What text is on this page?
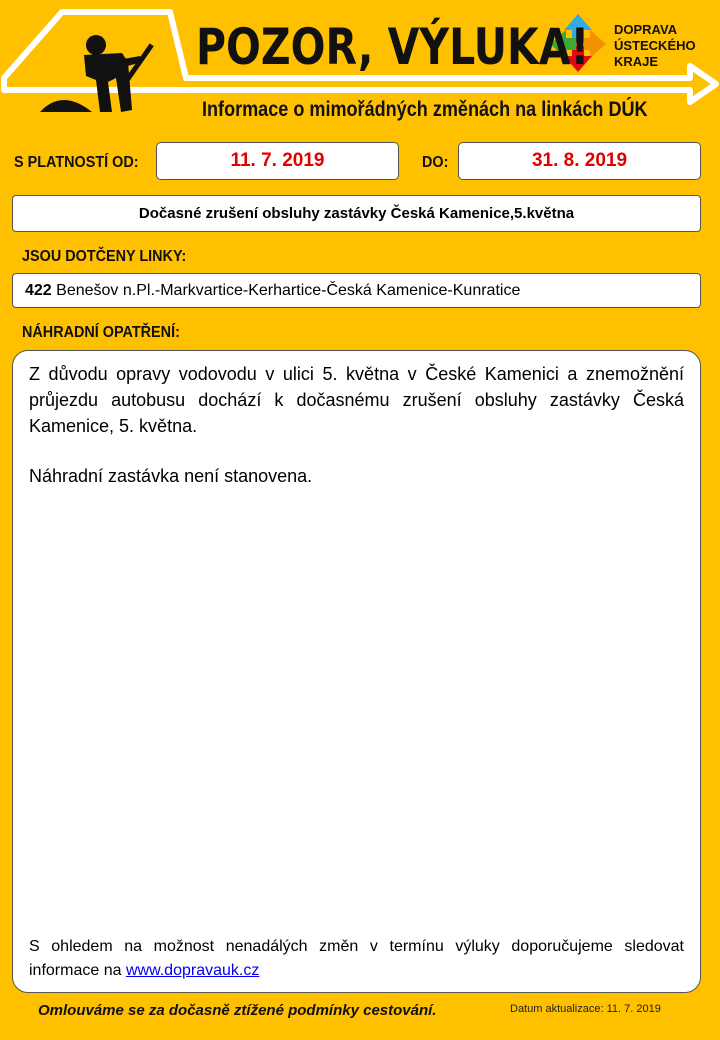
POZOR, VÝLUKA! DOPRAVA
ÚSTECKÉHO
KRAJE
Informace o mimořádných změnách na linkách DÚK
S PLATNOSTÍ OD:	11. 7. 2019	DO:	31. 8. 2019
Dočasné zrušení obsluhy zastávky Česká Kamenice,5.května
JSOU DOTČENY LINKY:
422
Benešov n.Pl.-Markvartice-Kerhartice-Česká Kamenice-Kunratice
NÁHRADNÍ OPATŘENÍ:
Z důvodu opravy vodovodu v ulici 5. května v České Kamenici a znemožnění průjezdu autobusu dochází k dočasnému zrušení obsluhy zastávky Česká Kamenice, 5. května.
Náhradní zastávka není stanovena.
S ohledem na možnost nenadálých změn v termínu výluky doporučujeme sledovat informace na www.dopravauk.cz
Omlouváme se za dočasně ztížené podmínky cestování.	Datum aktualizace: 11. 7. 2019
